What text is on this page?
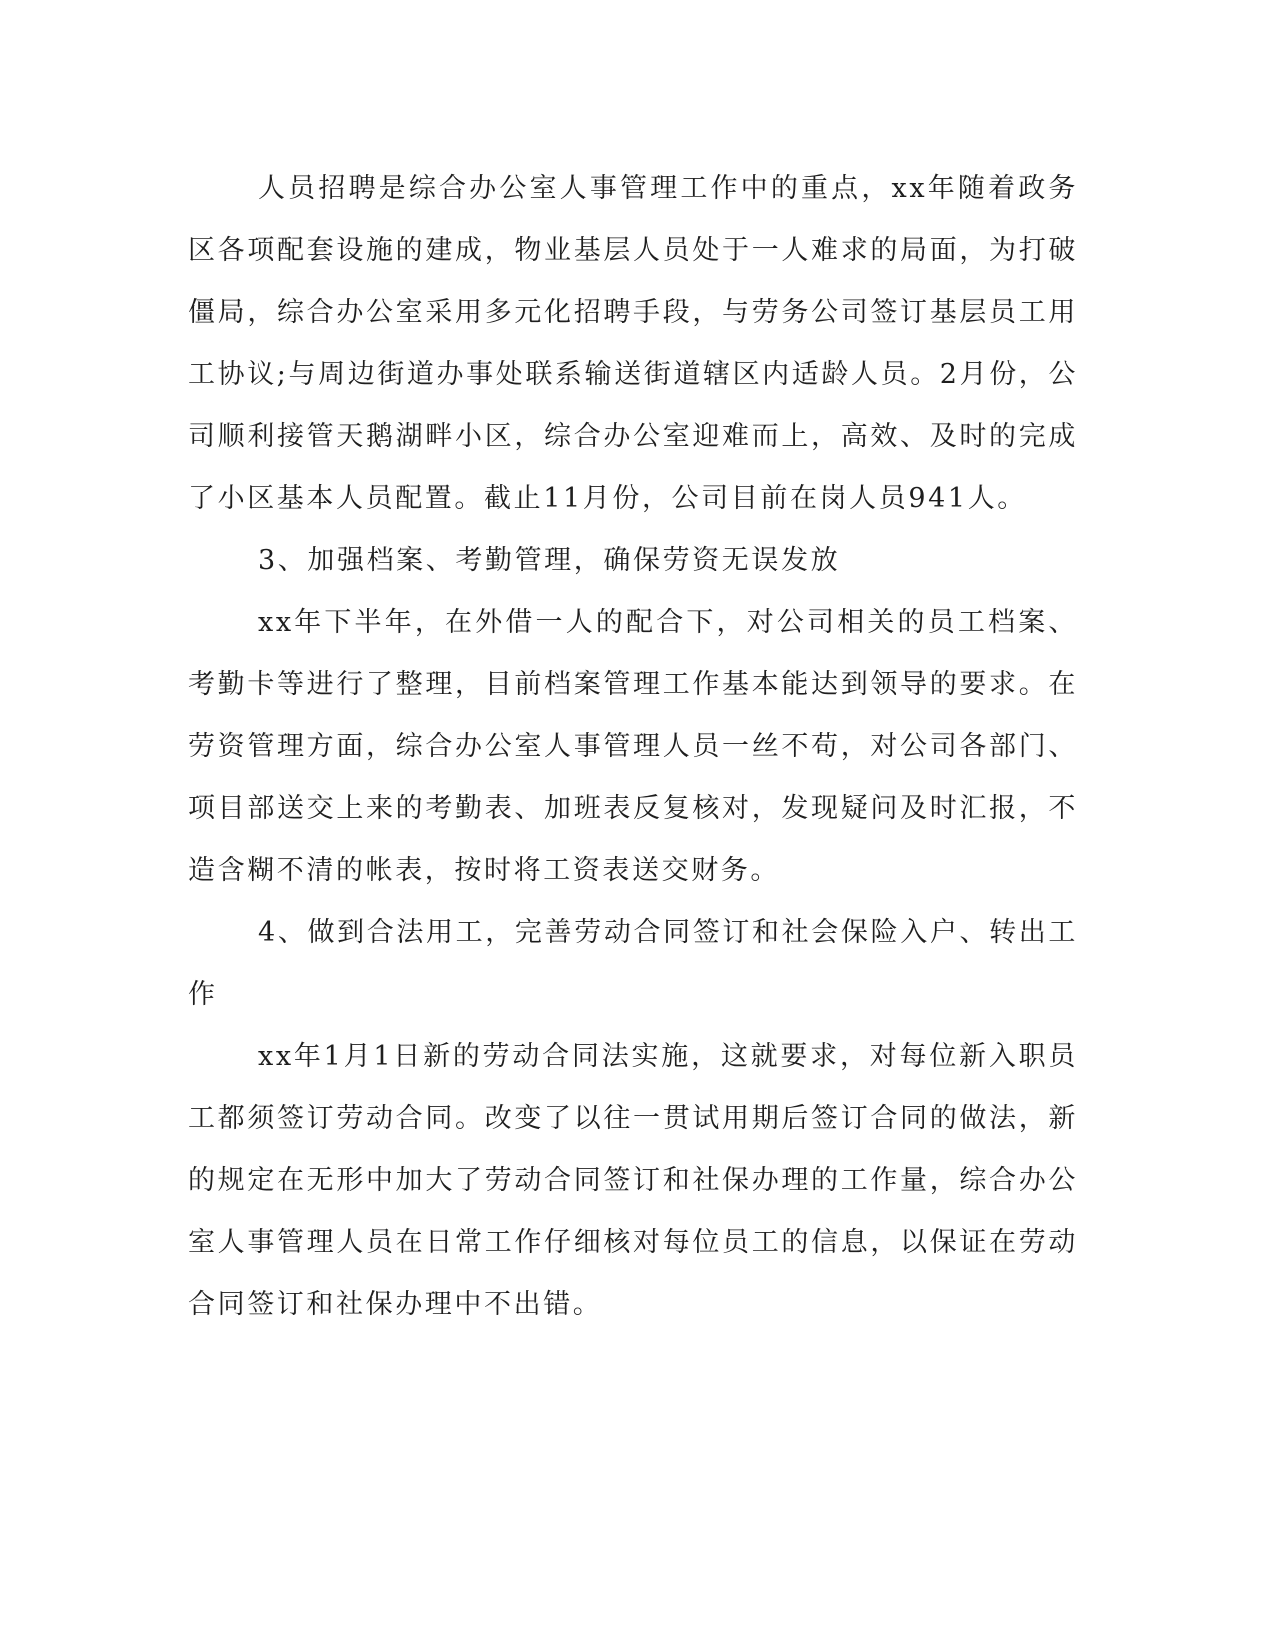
人员招聘是综合办公室人事管理工作中的重点，xx年随着政务区各项配套设施的建成，物业基层人员处于一人难求的局面，为打破僵局，综合办公室采用多元化招聘手段，与劳务公司签订基层员工用工协议;与周边街道办事处联系输送街道辖区内适龄人员。2月份，公司顺利接管天鹅湖畔小区，综合办公室迎难而上，高效、及时的完成了小区基本人员配置。截止11月份，公司目前在岗人员941人。

3、加强档案、考勤管理，确保劳资无误发放

xx年下半年，在外借一人的配合下，对公司相关的员工档案、考勤卡等进行了整理，目前档案管理工作基本能达到领导的要求。在劳资管理方面，综合办公室人事管理人员一丝不苟，对公司各部门、项目部送交上来的考勤表、加班表反复核对，发现疑问及时汇报，不造含糊不清的帐表，按时将工资表送交财务。

4、做到合法用工，完善劳动合同签订和社会保险入户、转出工作

xx年1月1日新的劳动合同法实施，这就要求，对每位新入职员工都须签订劳动合同。改变了以往一贯试用期后签订合同的做法，新的规定在无形中加大了劳动合同签订和社保办理的工作量，综合办公室人事管理人员在日常工作仔细核对每位员工的信息，以保证在劳动合同签订和社保办理中不出错。
